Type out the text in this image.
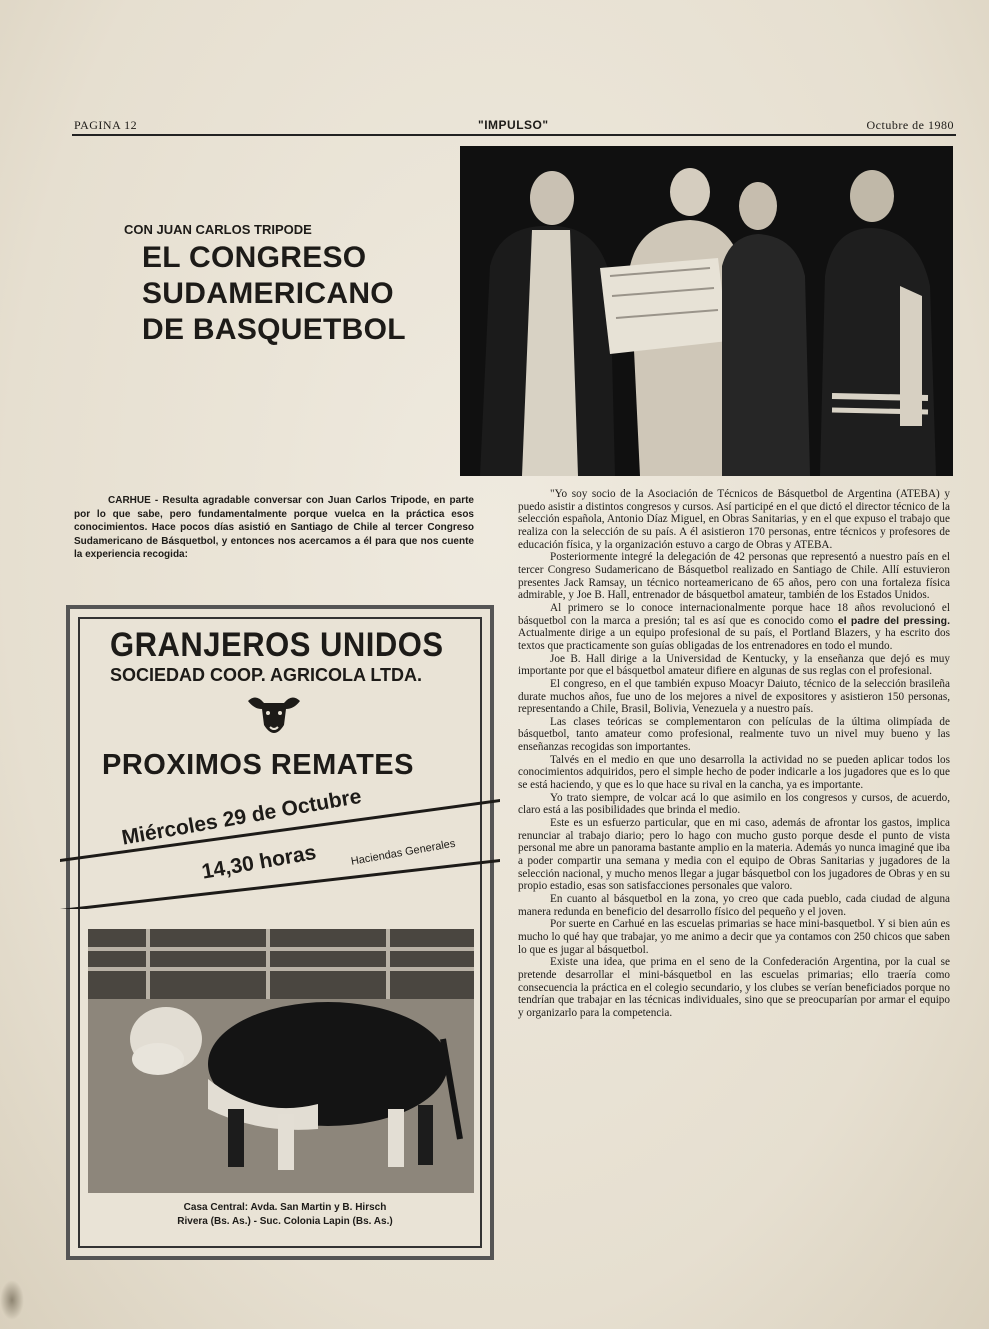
PAGINA 12	"IMPULSO"	Octubre de 1980
CON JUAN CARLOS TRIPODE
EL CONGRESO
SUDAMERICANO
DE BASQUETBOL
CARHUE - Resulta agradable conversar con Juan Carlos Tripode, en parte por lo que sabe, pero fundamentalmente porque vuelca en la práctica esos conocimientos. Hace pocos días asistió en Santiago de Chile al tercer Congreso Sudamericano de Básquetbol, y entonces nos acercamos a él para que nos cuente la experiencia recogida:
GRANJEROS UNIDOS
SOCIEDAD COOP. AGRICOLA LTDA.
PROXIMOS REMATES
Miércoles 29 de Octubre
14,30 horas	Haciendas Generales
Casa Central: Avda. San Martin y B. Hirsch
Rivera (Bs. As.) - Suc. Colonia Lapin (Bs. As.)

"Yo soy socio de la Asociación de Técnicos de Básquetbol de Argentina (ATEBA) y puedo asistir a distintos congresos y cursos. Así participé en el que dictó el director técnico de la selección española, Antonio Díaz Miguel, en Obras Sanitarias, y en el que expuso el trabajo que realiza con la selección de su país. A él asistieron 170 personas, entre técnicos y profesores de educación física, y la organización estuvo a cargo de Obras y ATEBA.

Posteriormente integré la delegación de 42 personas que representó a nuestro país en el tercer Congreso Sudamericano de Básquetbol realizado en Santiago de Chile. Allí estuvieron presentes Jack Ramsay, un técnico norteamericano de 65 años, pero con una fortaleza física admirable, y Joe B. Hall, entrenador de básquetbol amateur, también de los Estados Unidos.

Al primero se lo conoce internacionalmente porque hace 18 años revolucionó el básquetbol con la marca a presión; tal es así que es conocido como el padre del pressing. Actualmente dirige a un equipo profesional de su país, el Portland Blazers, y ha escrito dos textos que practicamente son guías obligadas de los entrenadores en todo el mundo.

Joe B. Hall dirige a la Universidad de Kentucky, y la enseñanza que dejó es muy importante por que el básquetbol amateur difiere en algunas de sus reglas con el profesional.

El congreso, en el que también expuso Moacyr Daiuto, técnico de la selección brasileña durate muchos años, fue uno de los mejores a nivel de expositores y asistieron 150 personas, representando a Chile, Brasil, Bolivia, Venezuela y a nuestro país.

Las clases teóricas se complementaron con películas de la última olimpíada de básquetbol, tanto amateur como profesional, realmente tuvo un nivel muy bueno y las enseñanzas recogidas son importantes.

Talvés en el medio en que uno desarrolla la actividad no se pueden aplicar todos los conocimientos adquiridos, pero el simple hecho de poder indicarle a los jugadores que es lo que se está haciendo, y que es lo que hace su rival en la cancha, ya es importante.

Yo trato siempre, de volcar acá lo que asimilo en los congresos y cursos, de acuerdo, claro está a las posibilidades que brinda el medio.

Este es un esfuerzo particular, que en mi caso, además de afrontar los gastos, implica renunciar al trabajo diario; pero lo hago con mucho gusto porque desde el punto de vista personal me abre un panorama bastante amplio en la materia. Además yo nunca imaginé que iba a poder compartir una semana y media con el equipo de Obras Sanitarias y jugadores de la selección nacional, y mucho menos llegar a jugar básquetbol con los jugadores de Obras y en su propio estadio, esas son satisfacciones personales que valoro.

En cuanto al básquetbol en la zona, yo creo que cada pueblo, cada ciudad de alguna manera redunda en beneficio del desarrollo físico del pequeño y el joven.

Por suerte en Carhué en las escuelas primarias se hace mini-basquetbol. Y si bien aún es mucho lo qué hay que trabajar, yo me animo a decir que ya contamos con 250 chicos que saben lo que es jugar al básquetbol.

Existe una idea, que prima en el seno de la Confederación Argentina, por la cual se pretende desarrollar el mini-básquetbol en las escuelas primarias; ello traería como consecuencia la práctica en el colegio secundario, y los clubes se verían beneficiados porque no tendrían que trabajar en las técnicas individuales, sino que se preocuparían por armar el equipo y organizarlo para la competencia.
